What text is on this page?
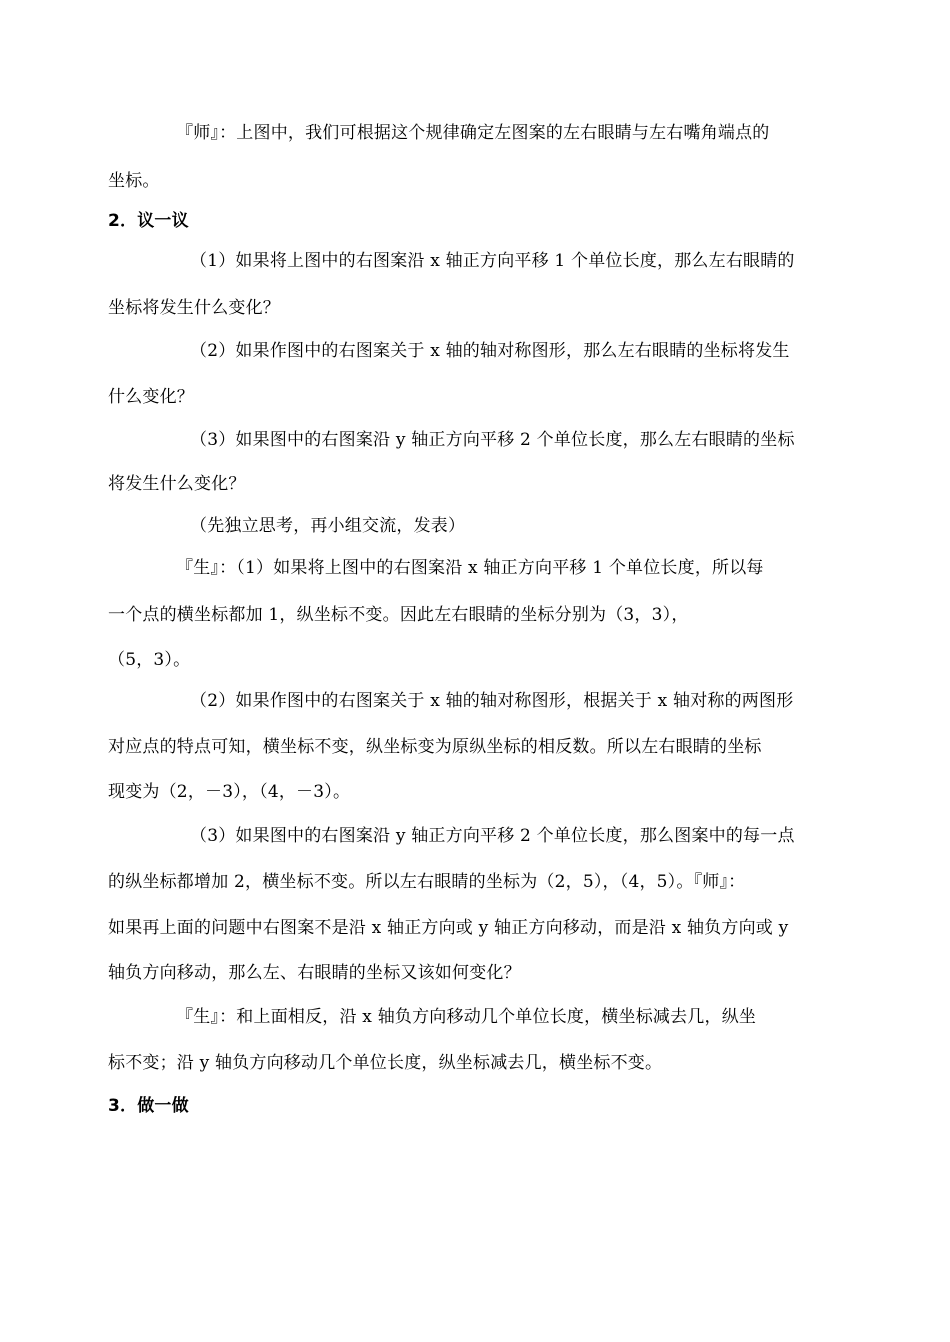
『师』：上图中，我们可根据这个规律确定左图案的左右眼睛与左右嘴角端点的
坐标。
2．议一议
（1）如果将上图中的右图案沿 x 轴正方向平移 1 个单位长度，那么左右眼睛的
坐标将发生什么变化？
（2）如果作图中的右图案关于 x 轴的轴对称图形，那么左右眼睛的坐标将发生
什么变化？
（3）如果图中的右图案沿 y 轴正方向平移 2 个单位长度，那么左右眼睛的坐标
将发生什么变化？
（先独立思考，再小组交流，发表）
『生』：（1）如果将上图中的右图案沿 x 轴正方向平移 1 个单位长度，所以每
一个点的横坐标都加 1，纵坐标不变。因此左右眼睛的坐标分别为（3，3），
（5，3）。
（2）如果作图中的右图案关于 x 轴的轴对称图形，根据关于 x 轴对称的两图形
对应点的特点可知，横坐标不变，纵坐标变为原纵坐标的相反数。所以左右眼睛的坐标
现变为（2，－3），（4，－3）。
（3）如果图中的右图案沿 y 轴正方向平移 2 个单位长度，那么图案中的每一点
的纵坐标都增加 2，横坐标不变。所以左右眼睛的坐标为（2，5），（4，5）。『师』：
如果再上面的问题中右图案不是沿 x 轴正方向或 y 轴正方向移动，而是沿 x 轴负方向或 y
轴负方向移动，那么左、右眼睛的坐标又该如何变化？
『生』：和上面相反，沿 x 轴负方向移动几个单位长度，横坐标减去几，纵坐
标不变；沿 y 轴负方向移动几个单位长度，纵坐标减去几，横坐标不变。
3．做一做
